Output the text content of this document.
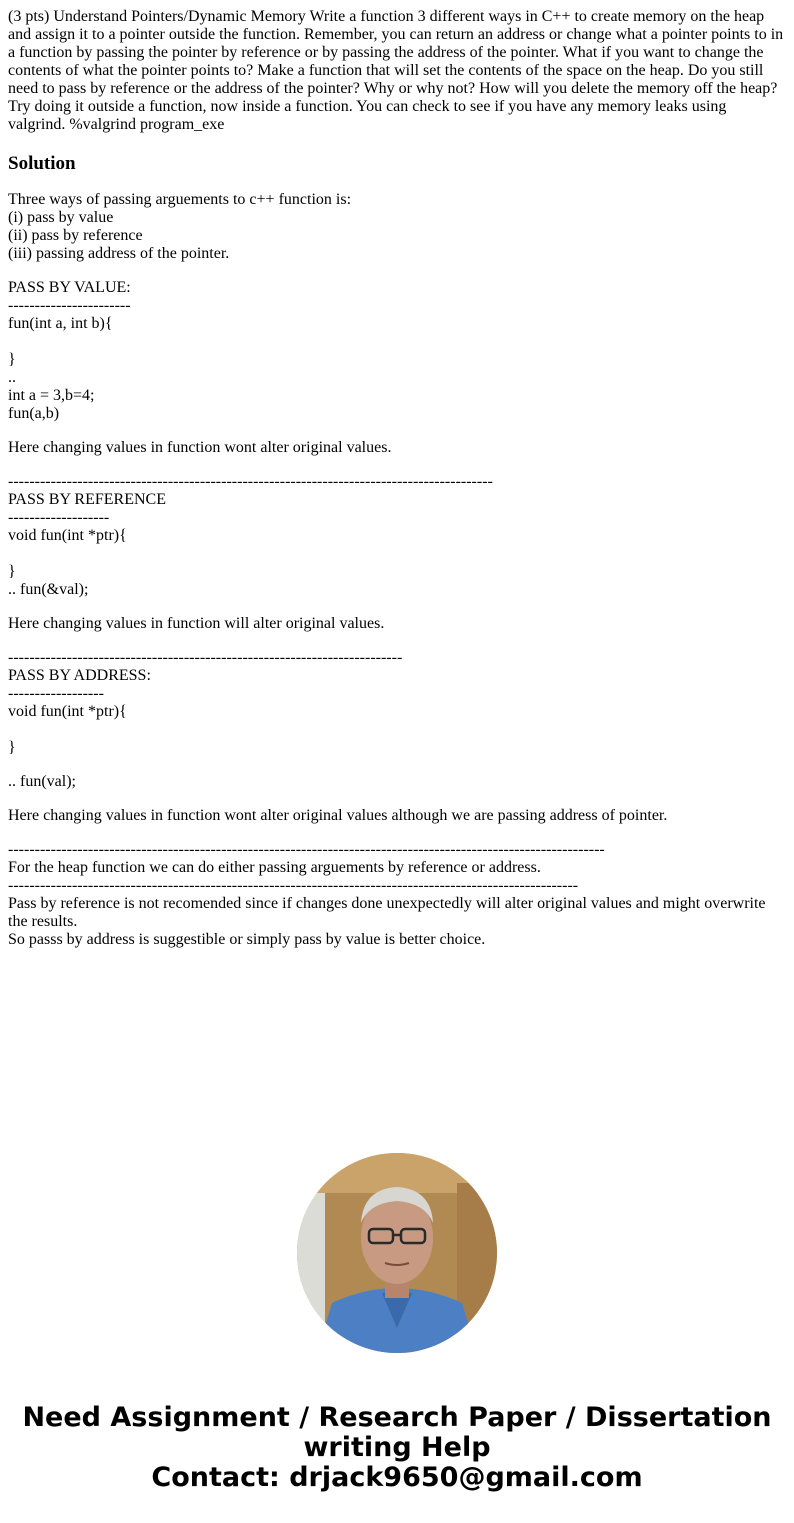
(3 pts) Understand Pointers/Dynamic Memory Write a function 3 different ways in C++ to create memory on the heap and assign it to a pointer outside the function. Remember, you can return an address or change what a pointer points to in a function by passing the pointer by reference or by passing the address of the pointer. What if you want to change the contents of what the pointer points to? Make a function that will set the contents of the space on the heap. Do you still need to pass by reference or the address of the pointer? Why or why not? How will you delete the memory off the heap? Try doing it outside a function, now inside a function. You can check to see if you have any memory leaks using valgrind. %valgrind program_exe

Solution
Three ways of passing arguements to c++ function is:
(i) pass by value
(ii) pass by reference
(iii) passing address of the pointer.
PASS BY VALUE:
-----------------------
fun(int a, int b){
}
..
int a = 3,b=4;
fun(a,b)
Here changing values in function wont alter original values.
-------------------------------------------------------------------------------------------
PASS BY REFERENCE
-------------------
void fun(int *ptr){
}
.. fun(&val);
Here changing values in function will alter original values.
--------------------------------------------------------------------------
PASS BY ADDRESS:
------------------
void fun(int *ptr){
}
.. fun(val);
Here changing values in function wont alter original values although we are passing address of pointer.
----------------------------------------------------------------------------------------------------------------
For the heap function we can do either passing arguements by reference or address.
-----------------------------------------------------------------------------------------------------------
Pass by reference is not recomended since if changes done unexpectedly will alter original values and might overwrite the results.
So passs by address is suggestible or simply pass by value is better choice.
Need Assignment / Research Paper / Dissertation
writing Help
Contact: drjack9650@gmail.com
